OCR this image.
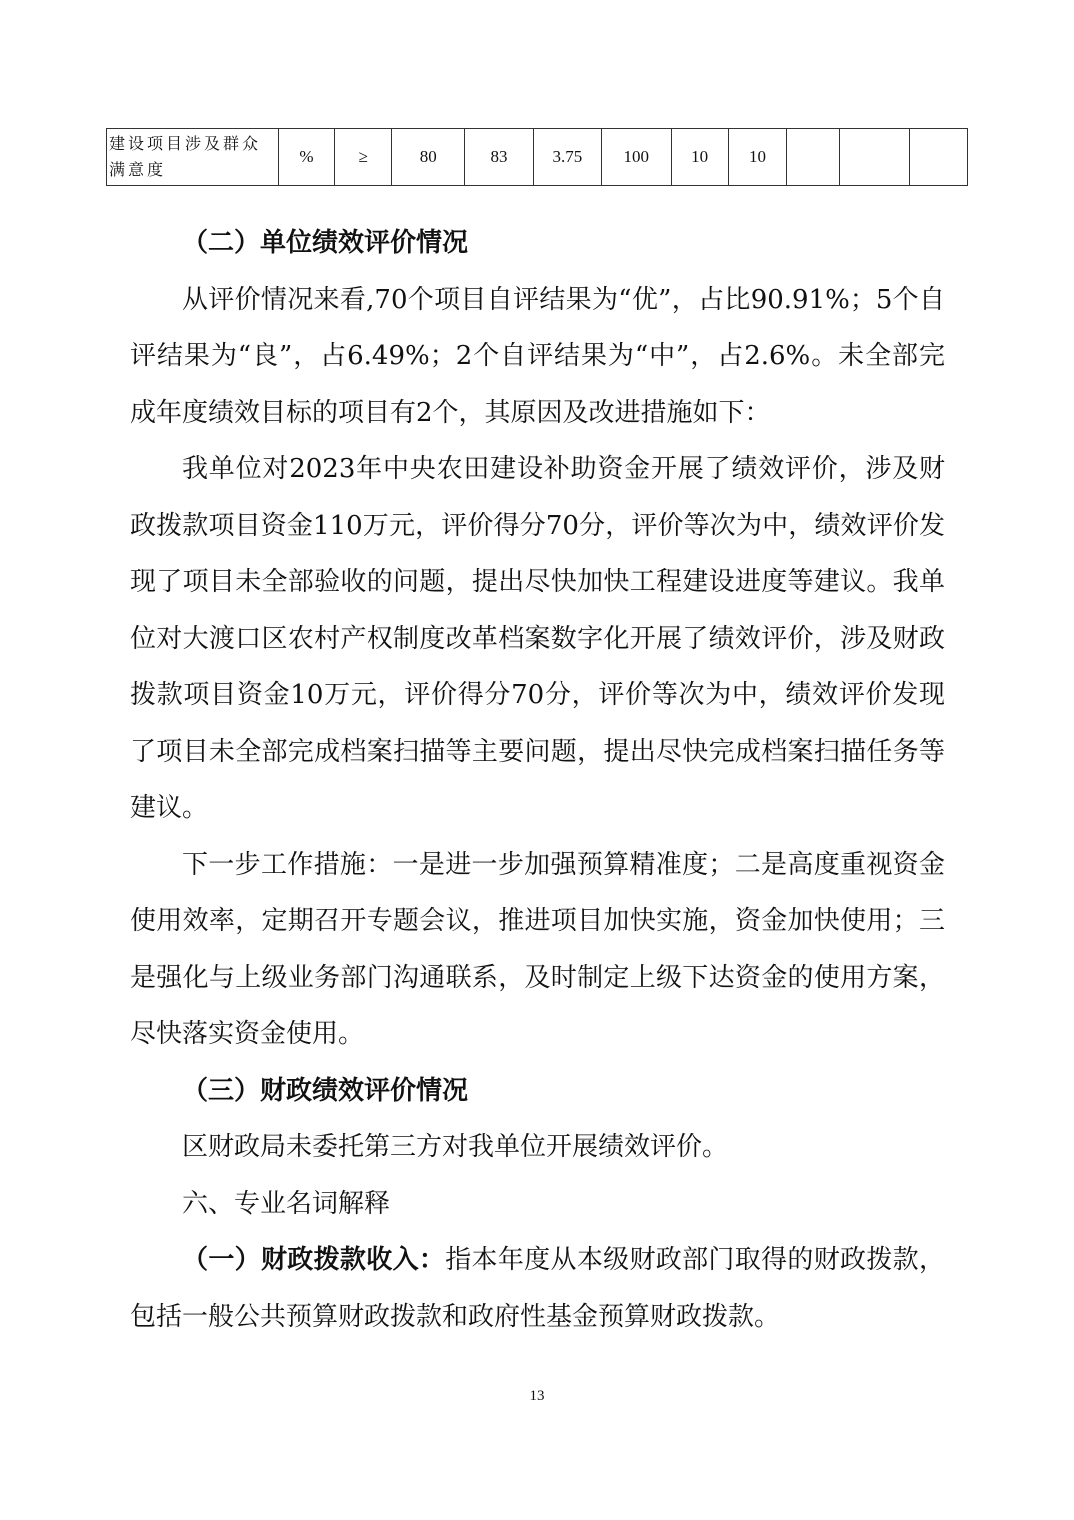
建设项目涉及群众满意度	%	≥	80	83	3.75	100	10	10			

（二）单位绩效评价情况

从评价情况来看,70个项目自评结果为“优”，占比90.91%；5个自评结果为“良”，占6.49%；2个自评结果为“中”，占2.6%。未全部完成年度绩效目标的项目有2个，其原因及改进措施如下：

我单位对2023年中央农田建设补助资金开展了绩效评价，涉及财政拨款项目资金110万元，评价得分70分，评价等次为中，绩效评价发现了项目未全部验收的问题，提出尽快加快工程建设进度等建议。我单位对大渡口区农村产权制度改革档案数字化开展了绩效评价，涉及财政拨款项目资金10万元，评价得分70分，评价等次为中，绩效评价发现了项目未全部完成档案扫描等主要问题，提出尽快完成档案扫描任务等建议。

下一步工作措施：一是进一步加强预算精准度；二是高度重视资金使用效率，定期召开专题会议，推进项目加快实施，资金加快使用；三是强化与上级业务部门沟通联系，及时制定上级下达资金的使用方案，尽快落实资金使用。

（三）财政绩效评价情况

区财政局未委托第三方对我单位开展绩效评价。

六、专业名词解释

（一）财政拨款收入：指本年度从本级财政部门取得的财政拨款，包括一般公共预算财政拨款和政府性基金预算财政拨款。

13
